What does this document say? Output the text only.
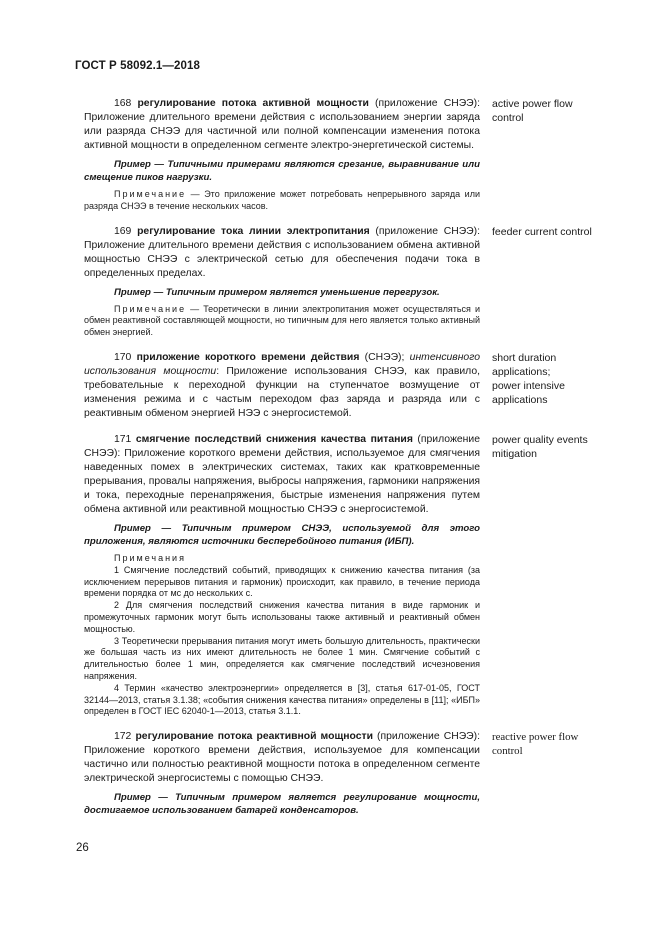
ГОСТ Р 58092.1—2018

168 регулирование потока активной мощности (приложение СНЭЭ): Приложение длительного времени действия с использованием энергии заряда или разряда СНЭЭ для частичной или полной компенсации изменения потока активной мощности в определенном сегменте электро-энергетической системы.

Пример — Типичными примерами являются срезание, выравнивание или смещение пиков нагрузки.

Примечание — Это приложение может потребовать непрерывного заряда или разряда СНЭЭ в течение нескольких часов.

active power flow
control

169 регулирование тока линии электропитания (приложение СНЭЭ): Приложение длительного времени действия с использованием обмена активной мощностью СНЭЭ с электрической сетью для обеспечения подачи тока в определенных пределах.

Пример — Типичным примером является уменьшение перегрузок.

Примечание — Теоретически в линии электропитания может осуществляться и обмен реактивной составляющей мощности, но типичным для него является только активный обмен энергией.

feeder current control

170 приложение короткого времени действия (СНЭЭ); интенсивного использования мощности: Приложение использования СНЭЭ, как правило, требовательные к переходной функции на ступенчатое возмущение от изменения режима и с частым переходом фаз заряда и разряда или с реактивным обменом энергией НЭЭ с энергосистемой.

short duration
applications;
power intensive
applications

171 смягчение последствий снижения качества питания (приложение СНЭЭ): Приложение короткого времени действия, используемое для смягчения наведенных помех в электрических системах, таких как кратковременные прерывания, провалы напряжения, выбросы напряжения, гармоники напряжения и тока, переходные перенапряжения, быстрые изменения напряжения путем обмена активной или реактивной мощностью СНЭЭ с энергосистемой.

Пример — Типичным примером СНЭЭ, используемой для этого приложения, являются источники бесперебойного питания (ИБП).

Примечания

1 Смягчение последствий событий, приводящих к снижению качества питания (за исключением перерывов питания и гармоник) происходит, как правило, в течение периода времени порядка от мс до нескольких с.

2 Для смягчения последствий снижения качества питания в виде гармоник и промежуточных гармоник могут быть использованы также активный и реактивный обмен мощностью.

3 Теоретически прерывания питания могут иметь большую длительность, практически же большая часть из них имеют длительность не более 1 мин. Смягчение событий с длительностью более 1 мин, определяется как смягчение последствий исчезновения напряжения.

4 Термин «качество электроэнергии» определяется в [3], статья 617-01-05, ГОСТ 32144—2013, статья 3.1.38; «события снижения качества питания» определены в [11]; «ИБП» определен в ГОСТ IEC 62040-1—2013, статья 3.1.1.

power quality events
mitigation

172 регулирование потока реактивной мощности (приложение СНЭЭ): Приложение короткого времени действия, используемое для компенсации частично или полностью реактивной мощности потока в определенном сегменте электрической энергосистемы с помощью СНЭЭ.

Пример — Типичным примером является регулирование мощности, достигаемое использованием батарей конденсаторов.

reactive power flow
control
26
